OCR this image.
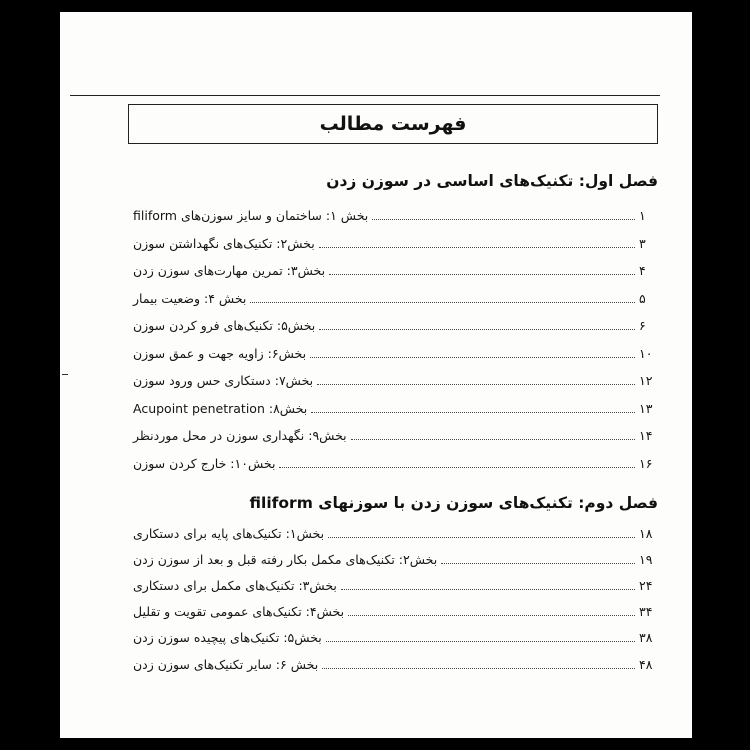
فهرست مطالب
فصل اول: تکنیک‌های اساسی در سوزن زدن
بخش ۱: ساختمان و سایز سوزن‌های filiform	۱
بخش۲: تکنیک‌های نگهداشتن سوزن	۳
بخش۳: تمرین مهارت‌های سوزن زدن	۴
بخش ۴: وضعیت بیمار	۵
بخش۵: تکنیک‌های فرو کردن سوزن	۶
بخش۶: زاویه جهت و عمق سوزن	۱۰
بخش۷: دستکاری حس ورود سوزن	۱۲
بخش۸: Acupoint penetration	۱۳
بخش۹: نگهداری سوزن در محل موردنظر	۱۴
بخش۱۰: خارج کردن سوزن	۱۶
فصل دوم: تکنیک‌های سوزن زدن با سوزنهای filiform
بخش۱: تکنیک‌های پایه برای دستکاری	۱۸
بخش۲: تکنیک‌های مکمل بکار رفته قبل و بعد از سوزن زدن	۱۹
بخش۳: تکنیک‌های مکمل برای دستکاری	۲۴
بخش۴: تکنیک‌های عمومی تقویت و تقلیل	۳۴
بخش۵: تکنیک‌های پیچیده سوزن زدن	۳۸
بخش ۶: سایر تکنیک‌های سوزن زدن	۴۸
